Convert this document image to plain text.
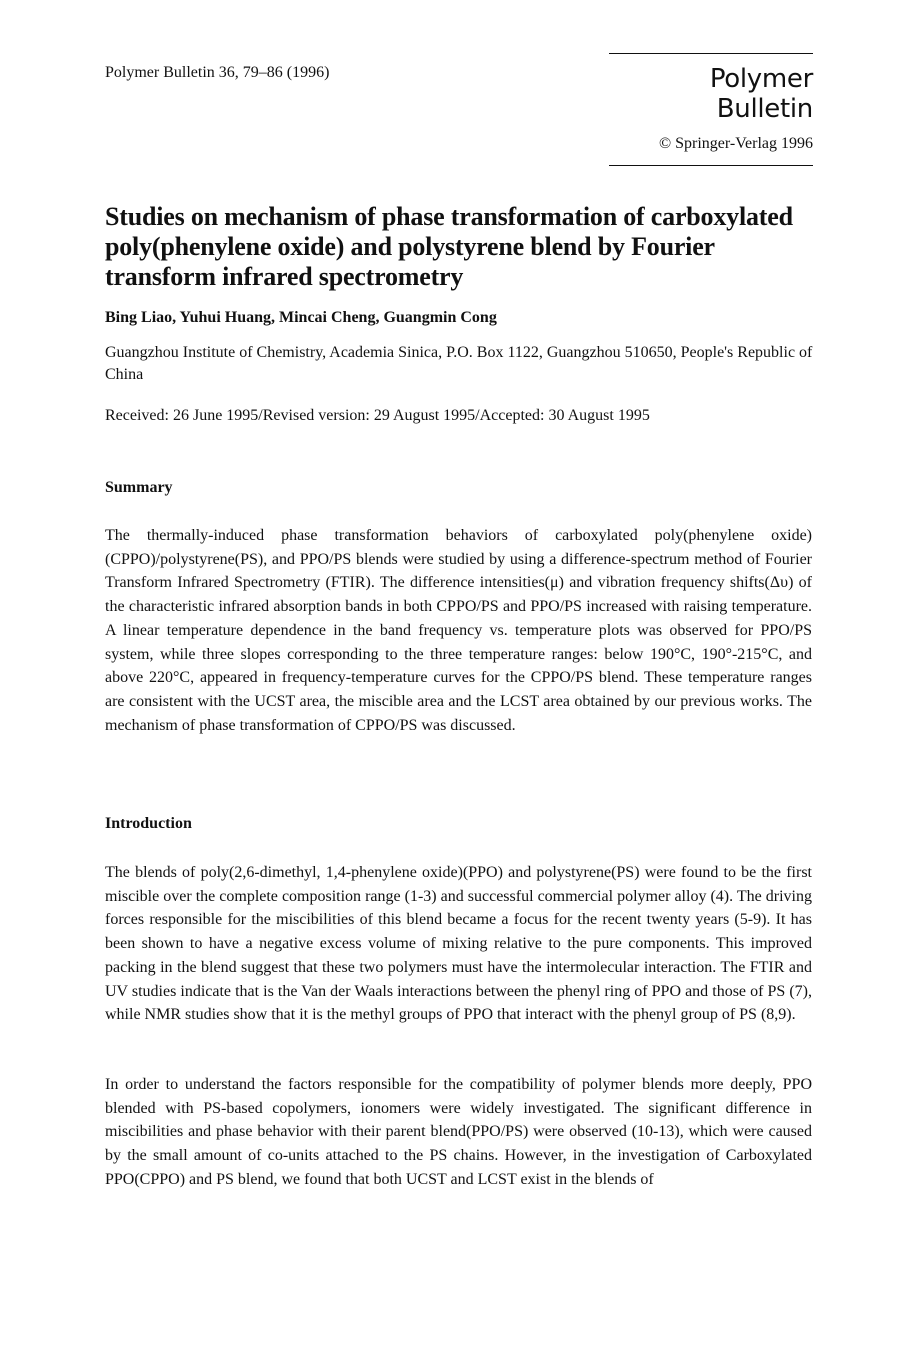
Polymer Bulletin 36, 79–86 (1996)	Polymer Bulletin
© Springer-Verlag 1996
Studies on mechanism of phase transformation of carboxylated poly(phenylene oxide) and polystyrene blend by Fourier transform infrared spectrometry
Bing Liao, Yuhui Huang, Mincai Cheng, Guangmin Cong
Guangzhou Institute of Chemistry, Academia Sinica, P.O. Box 1122, Guangzhou 510650, People's Republic of China
Received: 26 June 1995/Revised version: 29 August 1995/Accepted: 30 August 1995
Summary

The thermally-induced phase transformation behaviors of carboxylated poly(phenylene oxide)(CPPO)/polystyrene(PS), and PPO/PS blends were studied by using a difference-spectrum method of Fourier Transform Infrared Spectrometry (FTIR). The difference intensities(μ) and vibration frequency shifts(Δυ) of the characteristic infrared absorption bands in both CPPO/PS and PPO/PS increased with raising temperature. A linear temperature dependence in the band frequency vs. temperature plots was observed for PPO/PS system, while three slopes corresponding to the three temperature ranges: below 190°C, 190°-215°C, and above 220°C, appeared in frequency-temperature curves for the CPPO/PS blend. These temperature ranges are consistent with the UCST area, the miscible area and the LCST area obtained by our previous works. The mechanism of phase transformation of CPPO/PS was discussed.

Introduction

The blends of poly(2,6-dimethyl, 1,4-phenylene oxide)(PPO) and polystyrene(PS) were found to be the first miscible over the complete composition range (1-3) and successful commercial polymer alloy (4). The driving forces responsible for the miscibilities of this blend became a focus for the recent twenty years (5-9). It has been shown to have a negative excess volume of mixing relative to the pure components. This improved packing in the blend suggest that these two polymers must have the intermolecular interaction. The FTIR and UV studies indicate that is the Van der Waals interactions between the phenyl ring of PPO and those of PS (7), while NMR studies show that it is the methyl groups of PPO that interact with the phenyl group of PS (8,9).

In order to understand the factors responsible for the compatibility of polymer blends more deeply, PPO blended with PS-based copolymers, ionomers were widely investigated. The significant difference in miscibilities and phase behavior with their parent blend(PPO/PS) were observed (10-13), which were caused by the small amount of co-units attached to the PS chains. However, in the investigation of Carboxylated PPO(CPPO) and PS blend, we found that both UCST and LCST exist in the blends of
